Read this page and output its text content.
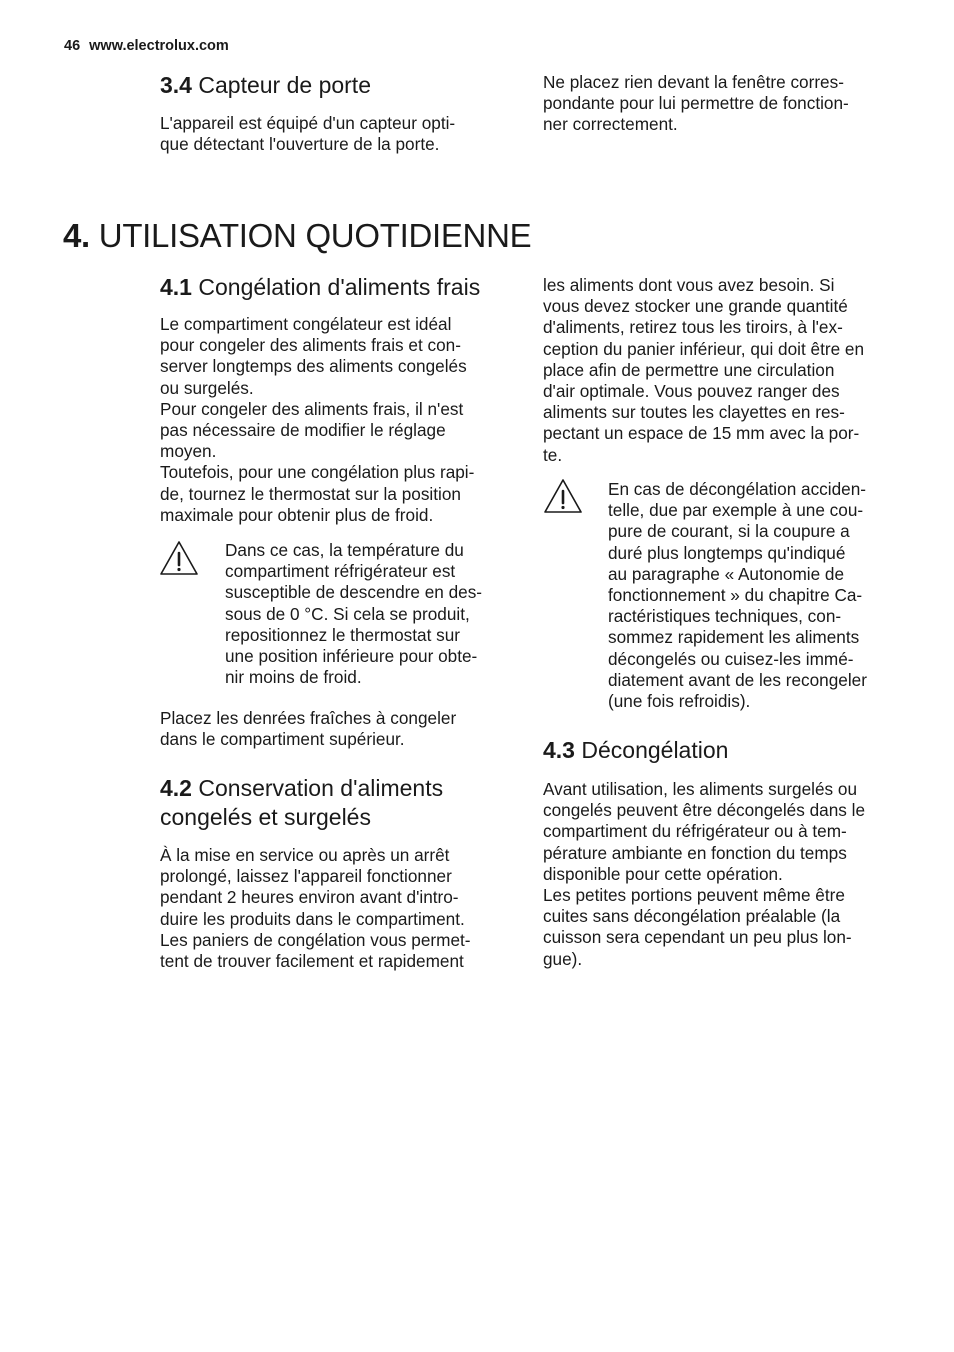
46 www.electrolux.com
3.4 Capteur de porte

L'appareil est équipé d'un capteur opti-
que détectant l'ouverture de la porte.

Ne placez rien devant la fenêtre corres-
pondante pour lui permettre de fonction-
ner correctement.

4. UTILISATION QUOTIDIENNE
4.1 Congélation d'aliments frais

Le compartiment congélateur est idéal
pour congeler des aliments frais et con-
server longtemps des aliments congelés
ou surgelés.
Pour congeler des aliments frais, il n'est
pas nécessaire de modifier le réglage
moyen.
Toutefois, pour une congélation plus rapi-
de, tournez le thermostat sur la position
maximale pour obtenir plus de froid.

Dans ce cas, la température du
compartiment réfrigérateur est
susceptible de descendre en des-
sous de 0 °C. Si cela se produit,
repositionnez le thermostat sur
une position inférieure pour obte-
nir moins de froid.

Placez les denrées fraîches à congeler
dans le compartiment supérieur.

4.2 Conservation d'aliments
congelés et surgelés

À la mise en service ou après un arrêt
prolongé, laissez l'appareil fonctionner
pendant 2 heures environ avant d'intro-
duire les produits dans le compartiment.
Les paniers de congélation vous permet-
tent de trouver facilement et rapidement

les aliments dont vous avez besoin. Si
vous devez stocker une grande quantité
d'aliments, retirez tous les tiroirs, à l'ex-
ception du panier inférieur, qui doit être en
place afin de permettre une circulation
d'air optimale. Vous pouvez ranger des
aliments sur toutes les clayettes en res-
pectant un espace de 15 mm avec la por-
te.

En cas de décongélation acciden-
telle, due par exemple à une cou-
pure de courant, si la coupure a
duré plus longtemps qu'indiqué
au paragraphe « Autonomie de
fonctionnement » du chapitre Ca-
ractéristiques techniques, con-
sommez rapidement les aliments
décongelés ou cuisez-les immé-
diatement avant de les recongeler
(une fois refroidis).

4.3 Décongélation

Avant utilisation, les aliments surgelés ou
congelés peuvent être décongelés dans le
compartiment du réfrigérateur ou à tem-
pérature ambiante en fonction du temps
disponible pour cette opération.
Les petites portions peuvent même être
cuites sans décongélation préalable (la
cuisson sera cependant un peu plus lon-
gue).
